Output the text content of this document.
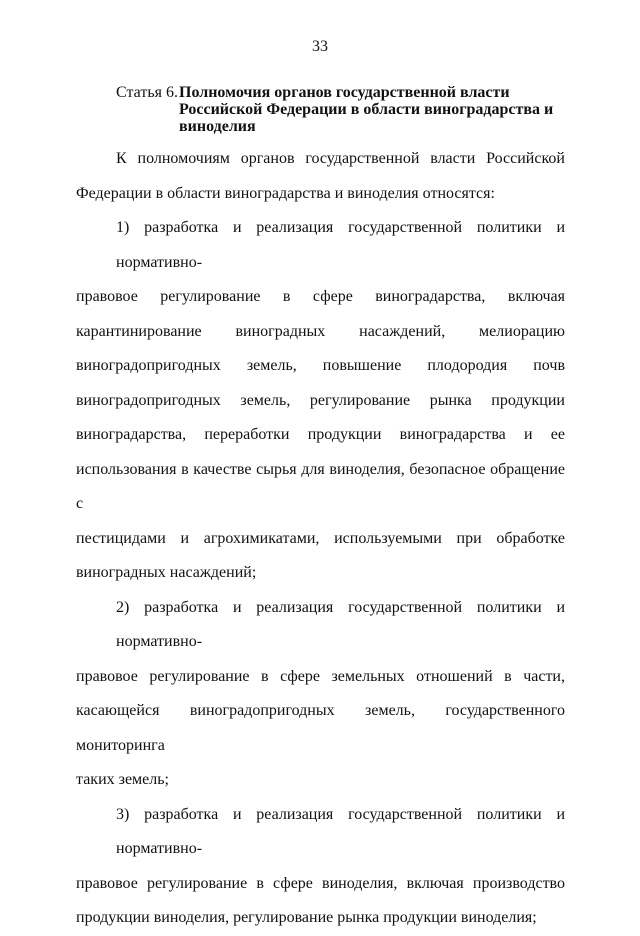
33
Статья 6. Полномочия органов государственной власти
Российской Федерации в области виноградарства и
виноделия

К полномочиям органов государственной власти Российской
Федерации в области виноградарства и виноделия относятся:

1) разработка и реализация государственной политики и нормативно-
правовое регулирование в сфере виноградарства, включая
карантинирование виноградных насаждений, мелиорацию
виноградопригодных земель, повышение плодородия почв
виноградопригодных земель, регулирование рынка продукции
виноградарства, переработки продукции виноградарства и ее
использования в качестве сырья для виноделия, безопасное обращение с
пестицидами и агрохимикатами, используемыми при обработке
виноградных насаждений;

2) разработка и реализация государственной политики и нормативно-
правовое регулирование в сфере земельных отношений в части,
касающейся виноградопригодных земель, государственного мониторинга
таких земель;

3) разработка и реализация государственной политики и нормативно-
правовое регулирование в сфере виноделия, включая производство
продукции виноделия, регулирование рынка продукции виноделия;
